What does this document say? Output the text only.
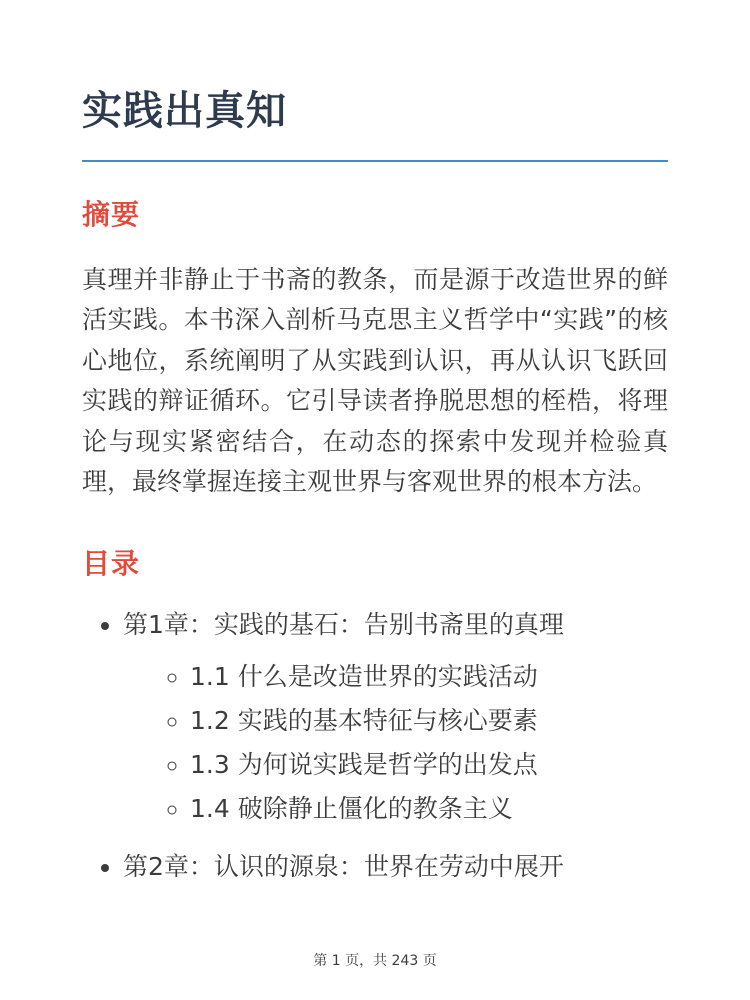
实践出真知
摘要

真理并非静止于书斋的教条，而是源于改造世界的鲜活实践。本书深入剖析马克思主义哲学中“实践”的核心地位，系统阐明了从实践到认识，再从认识飞跃回实践的辩证循环。它引导读者挣脱思想的桎梏，将理论与现实紧密结合，在动态的探索中发现并检验真理，最终掌握连接主观世界与客观世界的根本方法。

目录
• 第1章：实践的基石：告别书斋里的真理
◦ 1.1 什么是改造世界的实践活动
◦ 1.2 实践的基本特征与核心要素
◦ 1.3 为何说实践是哲学的出发点
◦ 1.4 破除静止僵化的教条主义
• 第2章：认识的源泉：世界在劳动中展开
第 1 页，共 243 页
